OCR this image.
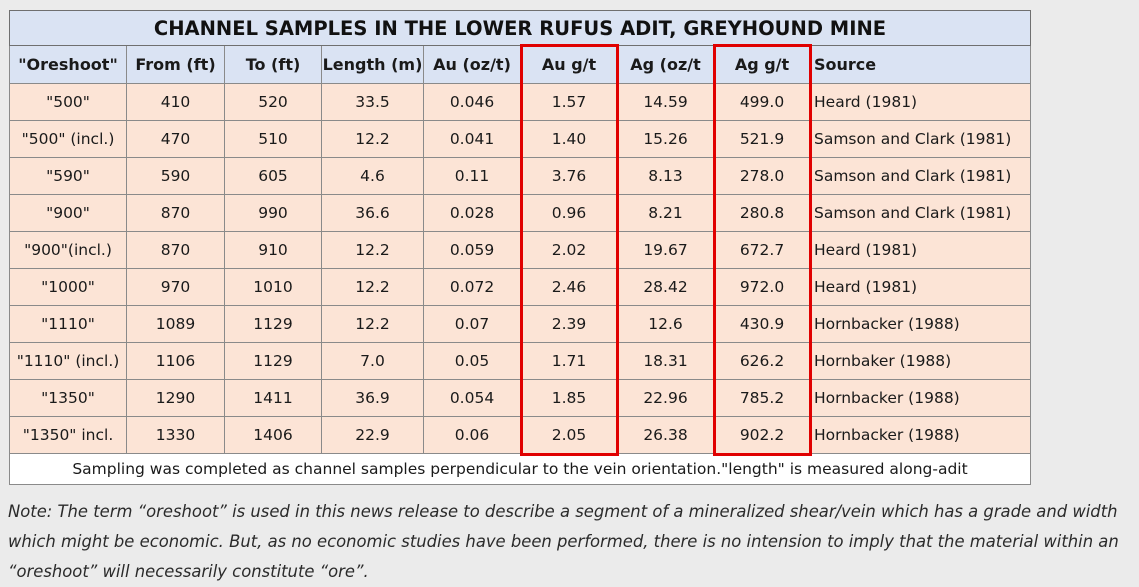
CHANNEL SAMPLES IN THE LOWER RUFUS ADIT, GREYHOUND MINE								
"Oreshoot"	From (ft)	To (ft)	Length (m)	Au (oz/t)	Au g/t	Ag (oz/t	Ag g/t	Source
"500"	410	520	33.5	0.046	1.57	14.59	499.0	Heard (1981)
"500" (incl.)	470	510	12.2	0.041	1.40	15.26	521.9	Samson and Clark (1981)
"590"	590	605	4.6	0.11	3.76	8.13	278.0	Samson and Clark (1981)
"900"	870	990	36.6	0.028	0.96	8.21	280.8	Samson and Clark (1981)
"900"(incl.)	870	910	12.2	0.059	2.02	19.67	672.7	Heard (1981)
"1000"	970	1010	12.2	0.072	2.46	28.42	972.0	Heard (1981)
"1110"	1089	1129	12.2	0.07	2.39	12.6	430.9	Hornbacker (1988)
"1110" (incl.)	1106	1129	7.0	0.05	1.71	18.31	626.2	Hornbaker (1988)
"1350"	1290	1411	36.9	0.054	1.85	22.96	785.2	Hornbacker (1988)
"1350" incl.	1330	1406	22.9	0.06	2.05	26.38	902.2	Hornbacker (1988)
Sampling was completed as channel samples perpendicular to the vein orientation."length" is measured along-adit								

Note: The term “oreshoot” is used in this news release to describe a segment of a mineralized shear/vein which has a grade and width which might be economic. But, as no economic studies have been performed, there is no intension to imply that the material within an “oreshoot” will necessarily constitute “ore”.
